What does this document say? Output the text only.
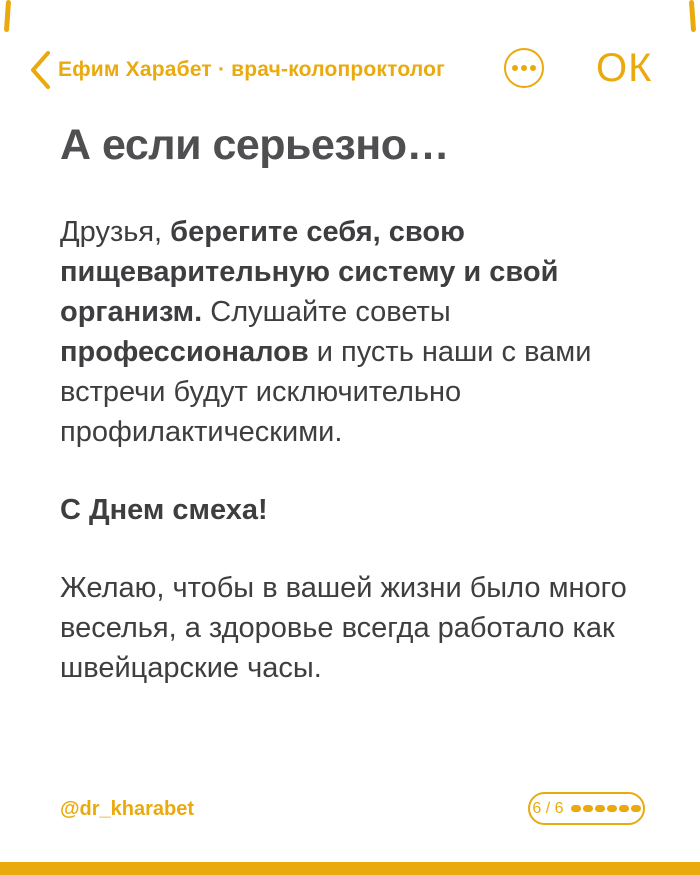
Ефим Харабет · врач-колопроктолог	ОК
А если серьезно…
Друзья, берегите себя, свою
пищеварительную систему и свой
организм. Слушайте советы
профессионалов и пусть наши с вами
встречи будут исключительно
профилактическими.
С Днем смеха!
Желаю, чтобы в вашей жизни было много
веселья, а здоровье всегда работало как
швейцарские часы.
@dr_kharabet	6 / 6
